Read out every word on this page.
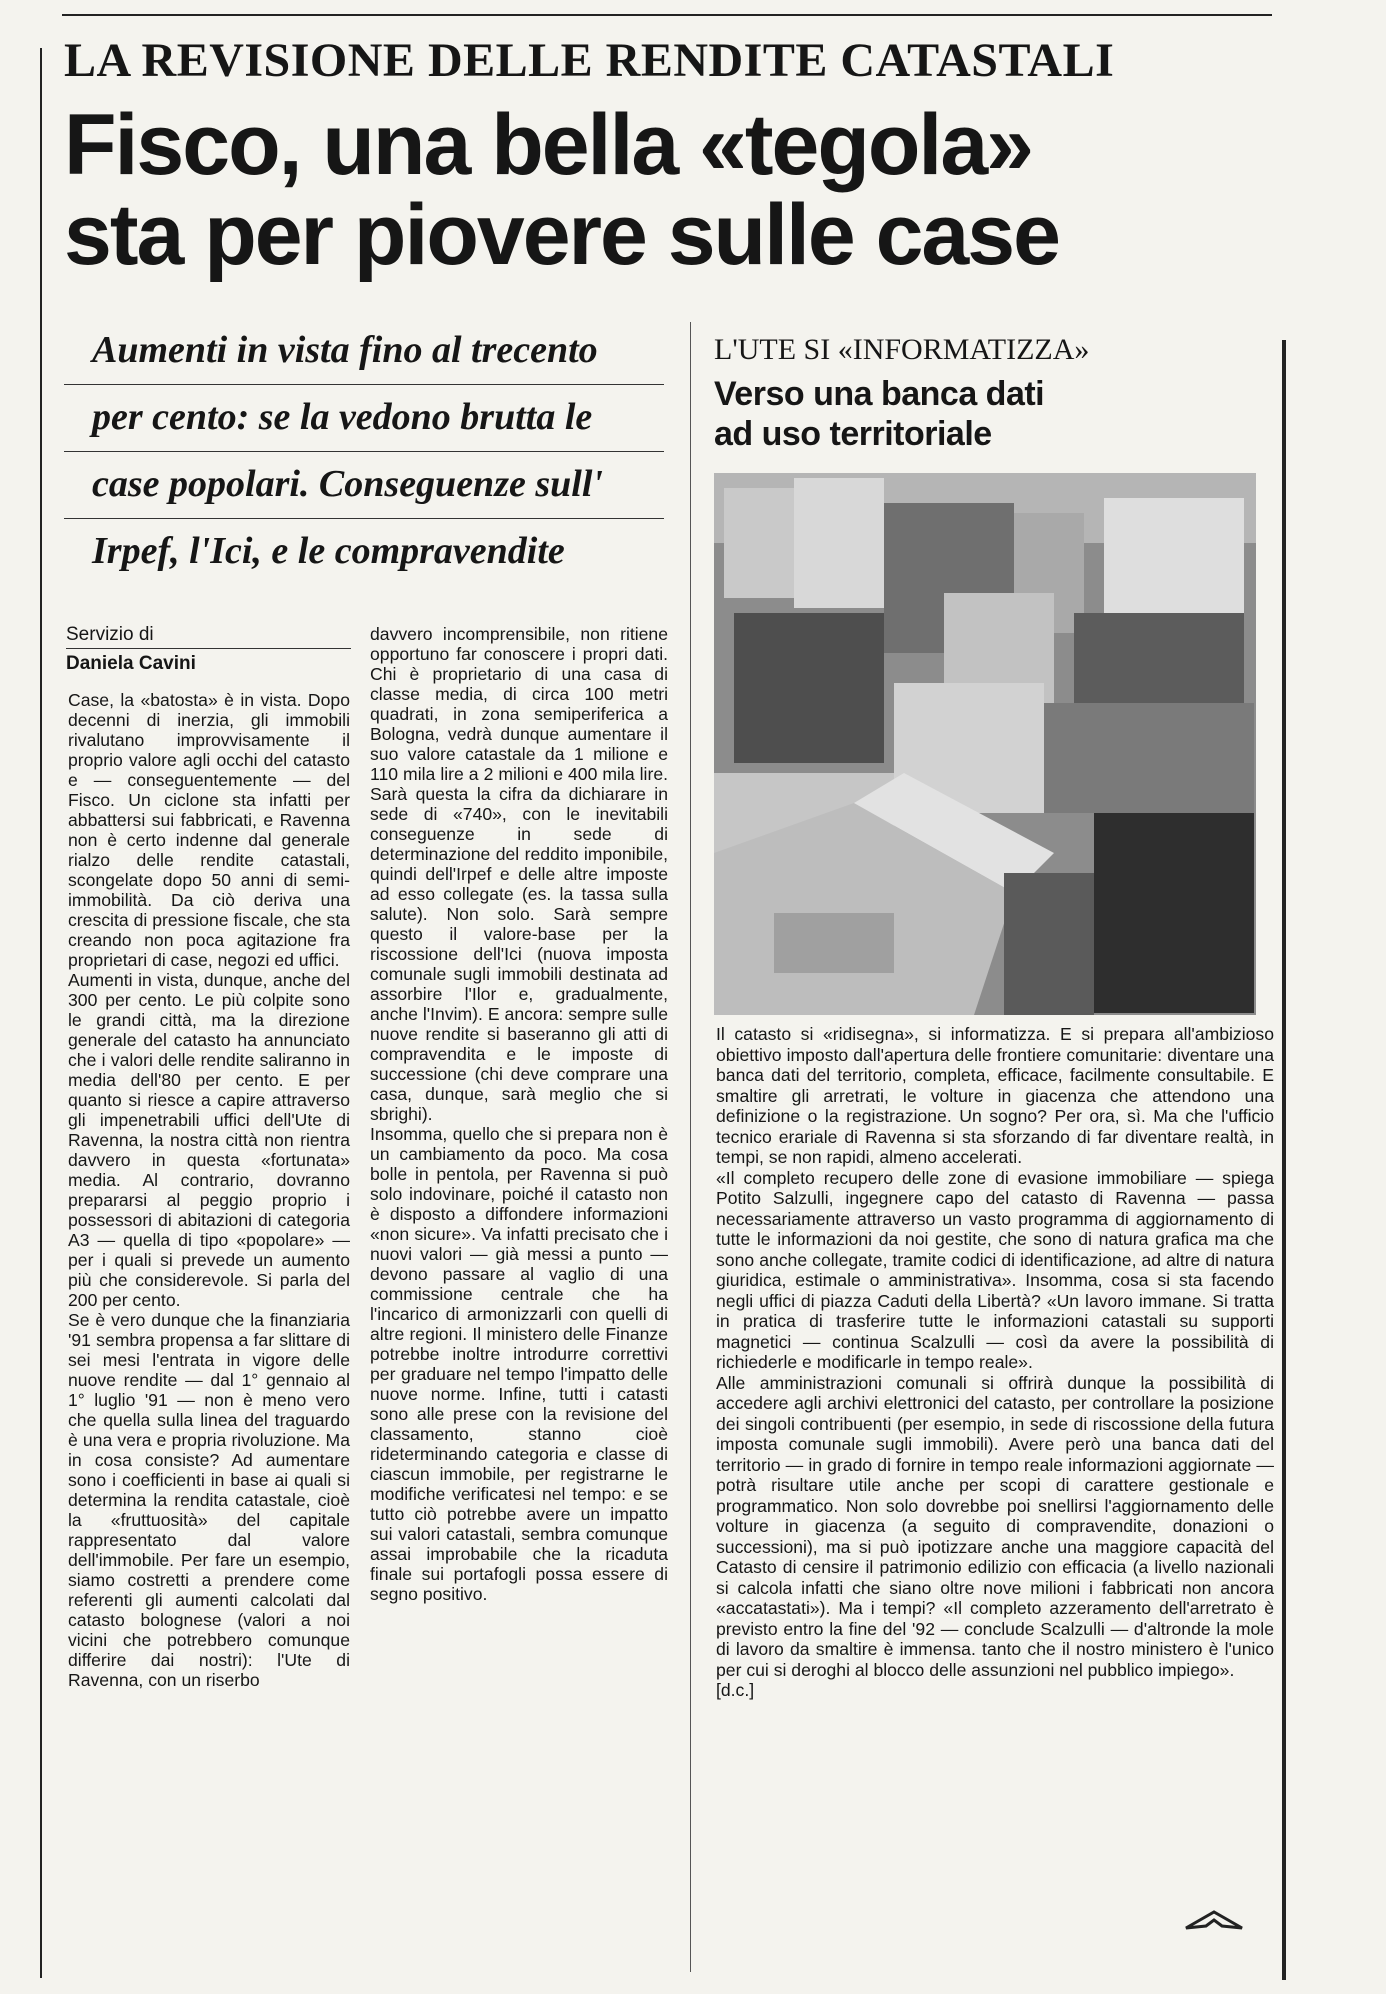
LA REVISIONE DELLE RENDITE CATASTALI
Fisco, una bella «tegola»
sta per piovere sulle case
Aumenti in vista fino al trecento
per cento: se la vedono brutta le
case popolari. Conseguenze sull'
Irpef, l'Ici, e le compravendite
Servizio di
Daniela Cavini

Case, la «batosta» è in vista. Dopo decenni di inerzia, gli immobili rivalutano improvvisamente il proprio valore agli occhi del catasto e — conseguentemente — del Fisco. Un ciclone sta infatti per abbattersi sui fabbricati, e Ravenna non è certo indenne dal generale rialzo delle rendite catastali, scongelate dopo 50 anni di semi-immobilità. Da ciò deriva una crescita di pressione fiscale, che sta creando non poca agitazione fra proprietari di case, negozi ed uffici.

Aumenti in vista, dunque, anche del 300 per cento. Le più colpite sono le grandi città, ma la direzione generale del catasto ha annunciato che i valori delle rendite saliranno in media dell'80 per cento. E per quanto si riesce a capire attraverso gli impenetrabili uffici dell'Ute di Ravenna, la nostra città non rientra davvero in questa «fortunata» media. Al contrario, dovranno prepararsi al peggio proprio i possessori di abitazioni di categoria A3 — quella di tipo «popolare» — per i quali si prevede un aumento più che considerevole. Si parla del 200 per cento.

Se è vero dunque che la finanziaria '91 sembra propensa a far slittare di sei mesi l'entrata in vigore delle nuove rendite — dal 1° gennaio al 1° luglio '91 — non è meno vero che quella sulla linea del traguardo è una vera e propria rivoluzione. Ma in cosa consiste? Ad aumentare sono i coefficienti in base ai quali si determina la rendita catastale, cioè la «fruttuosità» del capitale rappresentato dal valore dell'immobile. Per fare un esempio, siamo costretti a prendere come referenti gli aumenti calcolati dal catasto bolognese (valori a noi vicini che potrebbero comunque differire dai nostri): l'Ute di Ravenna, con un riserbo

davvero incomprensibile, non ritiene opportuno far conoscere i propri dati. Chi è proprietario di una casa di classe media, di circa 100 metri quadrati, in zona semiperiferica a Bologna, vedrà dunque aumentare il suo valore catastale da 1 milione e 110 mila lire a 2 milioni e 400 mila lire. Sarà questa la cifra da dichiarare in sede di «740», con le inevitabili conseguenze in sede di determinazione del reddito imponibile, quindi dell'Irpef e delle altre imposte ad esso collegate (es. la tassa sulla salute). Non solo. Sarà sempre questo il valore-base per la riscossione dell'Ici (nuova imposta comunale sugli immobili destinata ad assorbire l'Ilor e, gradualmente, anche l'Invim). E ancora: sempre sulle nuove rendite si baseranno gli atti di compravendita e le imposte di successione (chi deve comprare una casa, dunque, sarà meglio che si sbrighi).

Insomma, quello che si prepara non è un cambiamento da poco. Ma cosa bolle in pentola, per Ravenna si può solo indovinare, poiché il catasto non è disposto a diffondere informazioni «non sicure». Va infatti precisato che i nuovi valori — già messi a punto — devono passare al vaglio di una commissione centrale che ha l'incarico di armonizzarli con quelli di altre regioni. Il ministero delle Finanze potrebbe inoltre introdurre correttivi per graduare nel tempo l'impatto delle nuove norme. Infine, tutti i catasti sono alle prese con la revisione del classamento, stanno cioè rideterminando categoria e classe di ciascun immobile, per registrarne le modifiche verificatesi nel tempo: e se tutto ciò potrebbe avere un impatto sui valori catastali, sembra comunque assai improbabile che la ricaduta finale sui portafogli possa essere di segno positivo.

L'UTE SI «INFORMATIZZA»
Verso una banca dati
ad uso territoriale

Il catasto si «ridisegna», si informatizza. E si prepara all'ambizioso obiettivo imposto dall'apertura delle frontiere comunitarie: diventare una banca dati del territorio, completa, efficace, facilmente consultabile. E smaltire gli arretrati, le volture in giacenza che attendono una definizione o la registrazione. Un sogno? Per ora, sì. Ma che l'ufficio tecnico erariale di Ravenna si sta sforzando di far diventare realtà, in tempi, se non rapidi, almeno accelerati.

«Il completo recupero delle zone di evasione immobiliare — spiega Potito Salzulli, ingegnere capo del catasto di Ravenna — passa necessariamente attraverso un vasto programma di aggiornamento di tutte le informazioni da noi gestite, che sono di natura grafica ma che sono anche collegate, tramite codici di identificazione, ad altre di natura giuridica, estimale o amministrativa». Insomma, cosa si sta facendo negli uffici di piazza Caduti della Libertà? «Un lavoro immane. Si tratta in pratica di trasferire tutte le informazioni catastali su supporti magnetici — continua Scalzulli — così da avere la possibilità di richiederle e modificarle in tempo reale».

Alle amministrazioni comunali si offrirà dunque la possibilità di accedere agli archivi elettronici del catasto, per controllare la posizione dei singoli contribuenti (per esempio, in sede di riscossione della futura imposta comunale sugli immobili). Avere però una banca dati del territorio — in grado di fornire in tempo reale informazioni aggiornate — potrà risultare utile anche per scopi di carattere gestionale e programmatico. Non solo dovrebbe poi snellirsi l'aggiornamento delle volture in giacenza (a seguito di compravendite, donazioni o successioni), ma si può ipotizzare anche una maggiore capacità del Catasto di censire il patrimonio edilizio con efficacia (a livello nazionali si calcola infatti che siano oltre nove milioni i fabbricati non ancora «accatastati»). Ma i tempi? «Il completo azzeramento dell'arretrato è previsto entro la fine del '92 — conclude Scalzulli — d'altronde la mole di lavoro da smaltire è immensa. tanto che il nostro ministero è l'unico per cui si deroghi al blocco delle assunzioni nel pubblico impiego».

[d.c.]
